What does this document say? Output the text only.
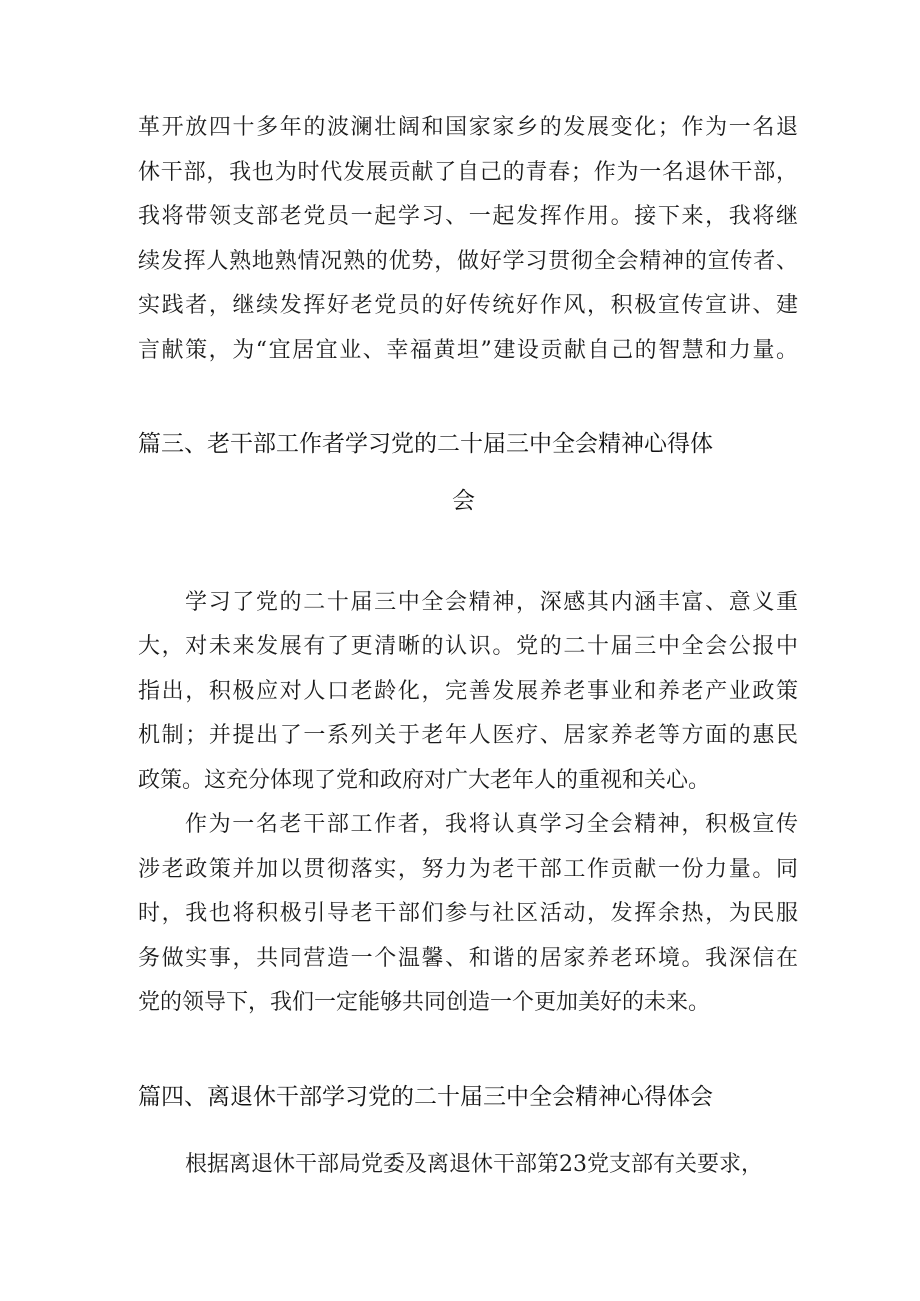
革开放四十多年的波澜壮阔和国家家乡的发展变化；作为一名退
休干部，我也为时代发展贡献了自己的青春；作为一名退休干部，
我将带领支部老党员一起学习、一起发挥作用。接下来，我将继
续发挥人熟地熟情况熟的优势，做好学习贯彻全会精神的宣传者、
实践者，继续发挥好老党员的好传统好作风，积极宣传宣讲、建
言献策，为“宜居宜业、幸福黄坦”建设贡献自己的智慧和力量。
篇三、老干部工作者学习党的二十届三中全会精神心得体
会
学习了党的二十届三中全会精神，深感其内涵丰富、意义重
大，对未来发展有了更清晰的认识。党的二十届三中全会公报中
指出，积极应对人口老龄化，完善发展养老事业和养老产业政策
机制；并提出了一系列关于老年人医疗、居家养老等方面的惠民
政策。这充分体现了党和政府对广大老年人的重视和关心。
作为一名老干部工作者，我将认真学习全会精神，积极宣传
涉老政策并加以贯彻落实，努力为老干部工作贡献一份力量。同
时，我也将积极引导老干部们参与社区活动，发挥余热，为民服
务做实事，共同营造一个温馨、和谐的居家养老环境。我深信在
党的领导下，我们一定能够共同创造一个更加美好的未来。
篇四、离退休干部学习党的二十届三中全会精神心得体会
根据离退休干部局党委及离退休干部第23党支部有关要求，
